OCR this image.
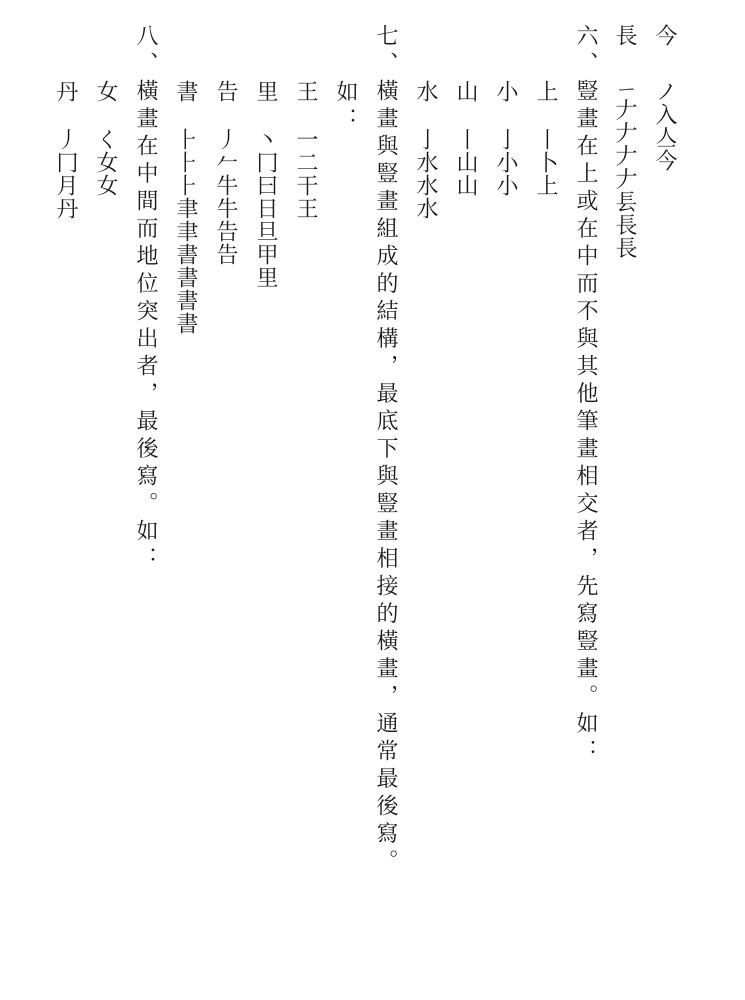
六、豎畫在上或在中而不與其他筆畫相交者，先寫豎畫。如： 今
ノ入亼今
長
ㄧ𠂇𠂇𠂇𠂇镸長長
上
丨卜上
小
亅小小
山
丨山山
水
亅水水水
七、橫畫與豎畫組成的結構，最底下與豎畫相接的橫畫，通常最後寫。
如：
王
一二干王
里
丶冂曰日旦甲里
告
丿𠂉牛牛告告
書
⺊⺊⺊聿聿書書書書
八、橫畫在中間而地位突出者，最後寫。如：
女
く女女
丹
丿冂月丹
